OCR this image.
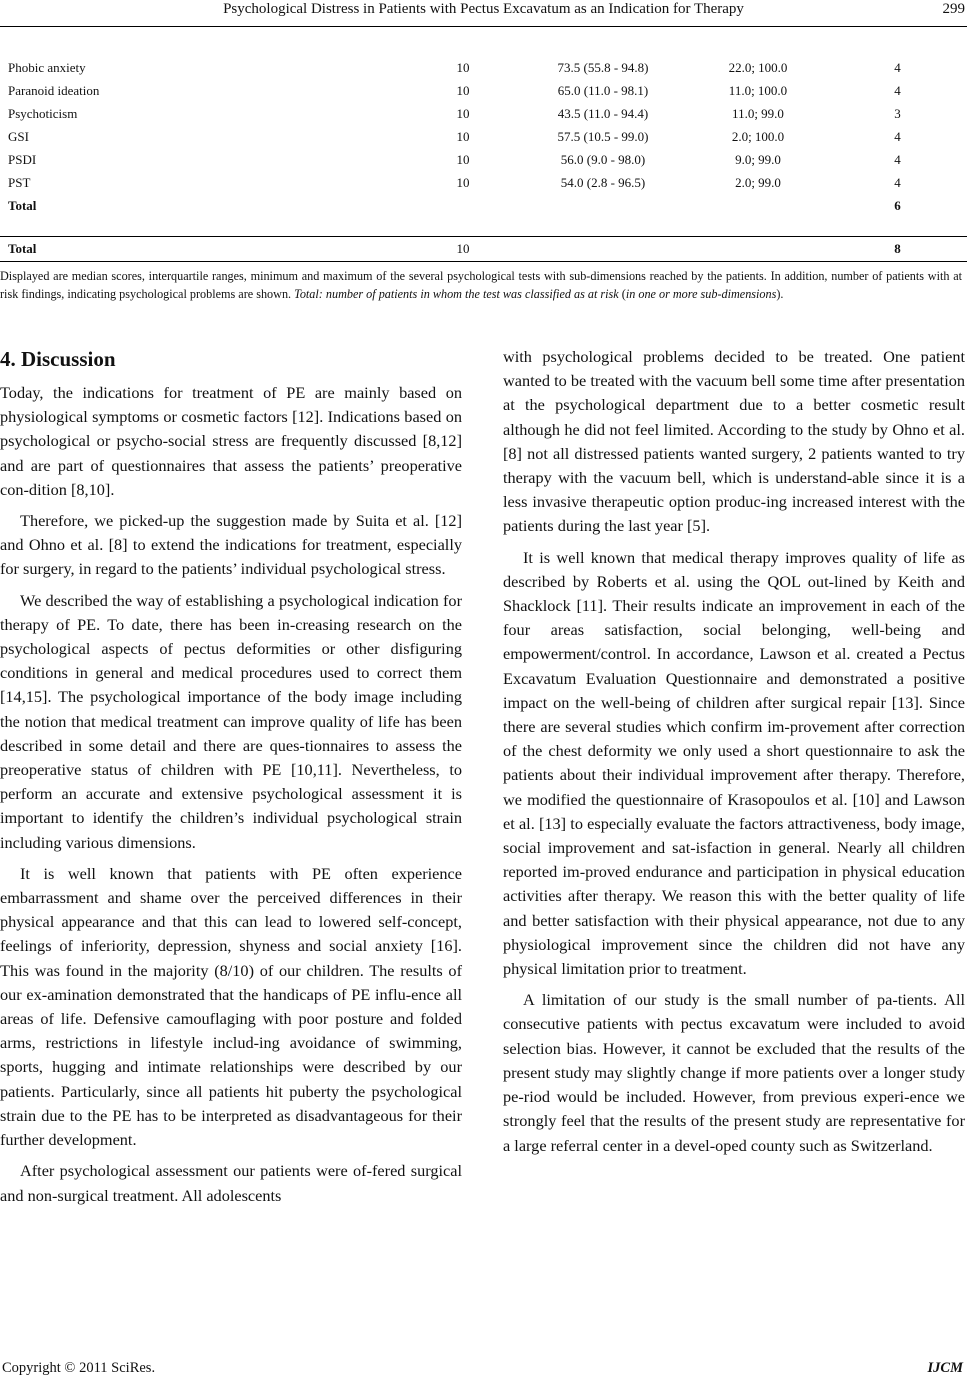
Psychological Distress in Patients with Pectus Excavatum as an Indication for Therapy	299
Phobic anxiety	10	73.5 (55.8 - 94.8)	22.0; 100.0	4
Paranoid ideation	10	65.0 (11.0 - 98.1)	11.0; 100.0	4
Psychoticism	10	43.5 (11.0 - 94.4)	11.0; 99.0	3
GSI	10	57.5 (10.5 - 99.0)	2.0; 100.0	4
PSDI	10	56.0 (9.0 - 98.0)	9.0; 99.0	4
PST	10	54.0 (2.8 - 96.5)	2.0; 99.0	4
Total				6

Total	10			8
Displayed are median scores, interquartile ranges, minimum and maximum of the several psychological tests with sub-dimensions reached by the patients. In addition, number of patients with at risk findings, indicating psychological problems are shown. Total: number of patients in whom the test was classified as at risk (in one or more sub-dimensions).
4. Discussion

Today, the indications for treatment of PE are mainly based on physiological symptoms or cosmetic factors [12]. Indications based on psychological or psycho-social stress are frequently discussed [8,12] and are part of questionnaires that assess the patients’ preoperative con-dition [8,10].

Therefore, we picked-up the suggestion made by Suita et al. [12] and Ohno et al. [8] to extend the indications for treatment, especially for surgery, in regard to the patients’ individual psychological stress.

We described the way of establishing a psychological indication for therapy of PE. To date, there has been in-creasing research on the psychological aspects of pectus deformities or other disfiguring conditions in general and medical procedures used to correct them [14,15]. The psychological importance of the body image including the notion that medical treatment can improve quality of life has been described in some detail and there are ques-tionnaires to assess the preoperative status of children with PE [10,11]. Nevertheless, to perform an accurate and extensive psychological assessment it is important to identify the children’s individual psychological strain including various dimensions.

It is well known that patients with PE often experience embarrassment and shame over the perceived differences in their physical appearance and that this can lead to lowered self-concept, feelings of inferiority, depression, shyness and social anxiety [16]. This was found in the majority (8/10) of our children. The results of our ex-amination demonstrated that the handicaps of PE influ-ence all areas of life. Defensive camouflaging with poor posture and folded arms, restrictions in lifestyle includ-ing avoidance of swimming, sports, hugging and intimate relationships were described by our patients. Particularly, since all patients hit puberty the psychological strain due to the PE has to be interpreted as disadvantageous for their further development.

After psychological assessment our patients were of-fered surgical and non-surgical treatment. All adolescents

with psychological problems decided to be treated. One patient wanted to be treated with the vacuum bell some time after presentation at the psychological department due to a better cosmetic result although he did not feel limited. According to the study by Ohno et al. [8] not all distressed patients wanted surgery, 2 patients wanted to try therapy with the vacuum bell, which is understand-able since it is a less invasive therapeutic option produc-ing increased interest with the patients during the last year [5].

It is well known that medical therapy improves quality of life as described by Roberts et al. using the QOL out-lined by Keith and Shacklock [11]. Their results indicate an improvement in each of the four areas satisfaction, social belonging, well-being and empowerment/control. In accordance, Lawson et al. created a Pectus Excavatum Evaluation Questionnaire and demonstrated a positive impact on the well-being of children after surgical repair [13]. Since there are several studies which confirm im-provement after correction of the chest deformity we only used a short questionnaire to ask the patients about their individual improvement after therapy. Therefore, we modified the questionnaire of Krasopoulos et al. [10] and Lawson et al. [13] to especially evaluate the factors attractiveness, body image, social improvement and sat-isfaction in general. Nearly all children reported im-proved endurance and participation in physical education activities after therapy. We reason this with the better quality of life and better satisfaction with their physical appearance, not due to any physiological improvement since the children did not have any physical limitation prior to treatment.

A limitation of our study is the small number of pa-tients. All consecutive patients with pectus excavatum were included to avoid selection bias. However, it cannot be excluded that the results of the present study may slightly change if more patients over a longer study pe-riod would be included. However, from previous experi-ence we strongly feel that the results of the present study are representative for a large referral center in a devel-oped county such as Switzerland.

Copyright © 2011 SciRes.	IJCM
